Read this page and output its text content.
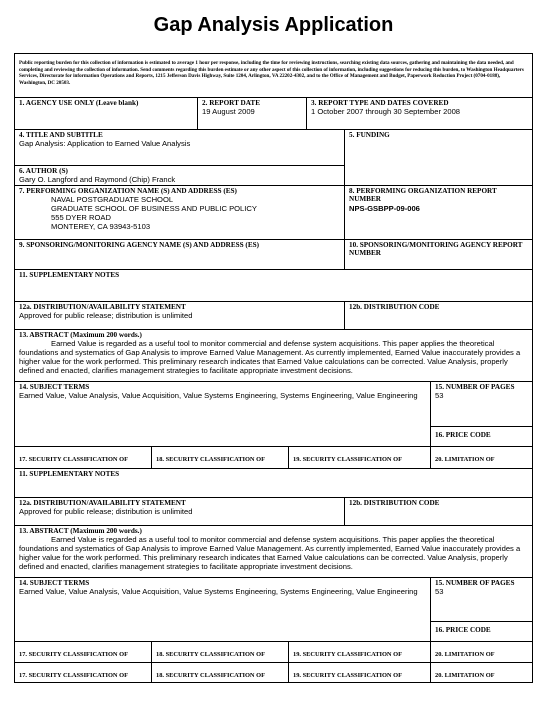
Gap Analysis Application
Public reporting burden for this collection of information is estimated to average 1 hour per response, including the time for reviewing instructions, searching existing data sources, gathering and maintaining the data needed, and completing and reviewing the collection of information. Send comments regarding this burden estimate or any other aspect of this collection of information, including suggestions for reducing this burden, to Washington Headquarters Services, Directorate for information Operations and Reports, 1215 Jefferson Davis Highway, Suite 1204, Arlington, VA 22202-4302, and to the Office of Management and Budget, Paperwork Reduction Project (0704-0188), Washington, DC 20503.
1. AGENCY USE ONLY (Leave blank)	2. REPORT DATE
19 August 2009
3. REPORT TYPE AND DATES COVERED
1 October 2007 through 30 September 2008
4. TITLE AND SUBTITLE
Gap Analysis: Application to Earned Value Analysis
5. FUNDING
6. AUTHOR (S)
Gary O. Langford and Raymond (Chip) Franck
7. PERFORMING ORGANIZATION NAME (S) AND ADDRESS (ES)
NAVAL POSTGRADUATE SCHOOL
GRADUATE SCHOOL OF BUSINESS AND PUBLIC POLICY
555 DYER ROAD
MONTEREY, CA 93943-5103
8. PERFORMING ORGANIZATION REPORT NUMBER
NPS-GSBPP-09-006
9. SPONSORING/MONITORING AGENCY NAME (S) AND ADDRESS (ES)	10. SPONSORING/MONITORING AGENCY REPORT NUMBER
11. SUPPLEMENTARY NOTES
12a. DISTRIBUTION/AVAILABILITY STATEMENT
Approved for public release; distribution is unlimited
12b. DISTRIBUTION CODE
13. ABSTRACT (Maximum 200 words.)
Earned Value is regarded as a useful tool to monitor commercial and defense system acquisitions. This paper applies the theoretical foundations and systematics of Gap Analysis to improve Earned Value Management. As currently implemented, Earned Value inaccurately provides a higher value for the work performed. This preliminary research indicates that Earned Value calculations can be corrected. Value Analysis, properly defined and enacted, clarifies management strategies to facilitate appropriate investment decisions.
14. SUBJECT TERMS
Earned Value, Value Analysis, Value Acquisition, Value Systems Engineering, Systems Engineering, Value Engineering
15. NUMBER OF PAGES
53
16. PRICE CODE
17. SECURITY CLASSIFICATION OF	18. SECURITY CLASSIFICATION OF	19. SECURITY CLASSIFICATION OF	20. LIMITATION OF
11. SUPPLEMENTARY NOTES
12a. DISTRIBUTION/AVAILABILITY STATEMENT
Approved for public release; distribution is unlimited
12b. DISTRIBUTION CODE
13. ABSTRACT (Maximum 200 words.)
Earned Value is regarded as a useful tool to monitor commercial and defense system acquisitions. This paper applies the theoretical foundations and systematics of Gap Analysis to improve Earned Value Management. As currently implemented, Earned Value inaccurately provides a higher value for the work performed. This preliminary research indicates that Earned Value calculations can be corrected. Value Analysis, properly defined and enacted, clarifies management strategies to facilitate appropriate investment decisions.
14. SUBJECT TERMS
Earned Value, Value Analysis, Value Acquisition, Value Systems Engineering, Systems Engineering, Value Engineering
15. NUMBER OF PAGES
53
16. PRICE CODE
17. SECURITY CLASSIFICATION OF	18. SECURITY CLASSIFICATION OF	19. SECURITY CLASSIFICATION OF	20. LIMITATION OF
17. SECURITY CLASSIFICATION OF	18. SECURITY CLASSIFICATION OF	19. SECURITY CLASSIFICATION OF	20. LIMITATION OF
